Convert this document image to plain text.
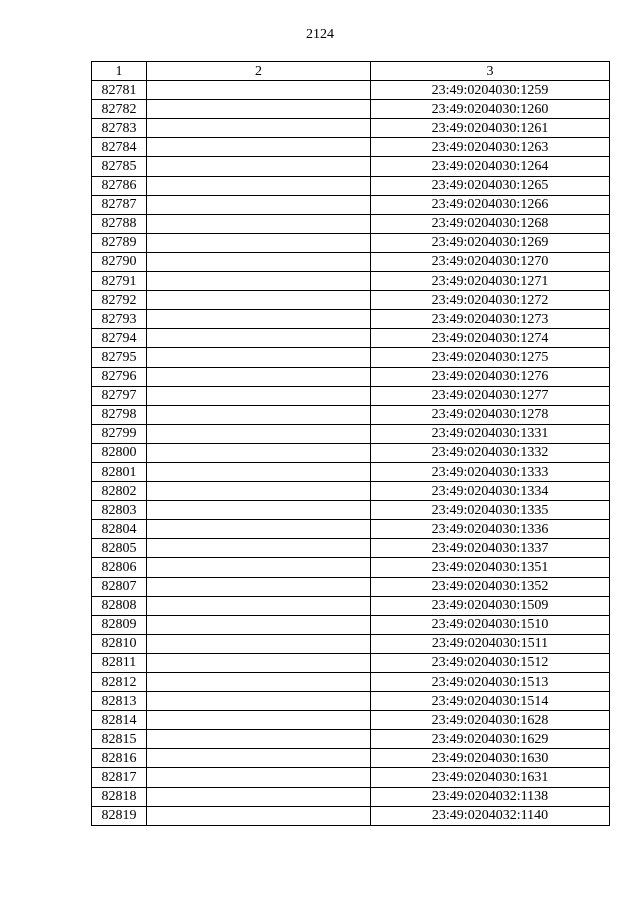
2124
1	2	3
82781		23:49:0204030:1259
82782		23:49:0204030:1260
82783		23:49:0204030:1261
82784		23:49:0204030:1263
82785		23:49:0204030:1264
82786		23:49:0204030:1265
82787		23:49:0204030:1266
82788		23:49:0204030:1268
82789		23:49:0204030:1269
82790		23:49:0204030:1270
82791		23:49:0204030:1271
82792		23:49:0204030:1272
82793		23:49:0204030:1273
82794		23:49:0204030:1274
82795		23:49:0204030:1275
82796		23:49:0204030:1276
82797		23:49:0204030:1277
82798		23:49:0204030:1278
82799		23:49:0204030:1331
82800		23:49:0204030:1332
82801		23:49:0204030:1333
82802		23:49:0204030:1334
82803		23:49:0204030:1335
82804		23:49:0204030:1336
82805		23:49:0204030:1337
82806		23:49:0204030:1351
82807		23:49:0204030:1352
82808		23:49:0204030:1509
82809		23:49:0204030:1510
82810		23:49:0204030:1511
82811		23:49:0204030:1512
82812		23:49:0204030:1513
82813		23:49:0204030:1514
82814		23:49:0204030:1628
82815		23:49:0204030:1629
82816		23:49:0204030:1630
82817		23:49:0204030:1631
82818		23:49:0204032:1138
82819		23:49:0204032:1140
